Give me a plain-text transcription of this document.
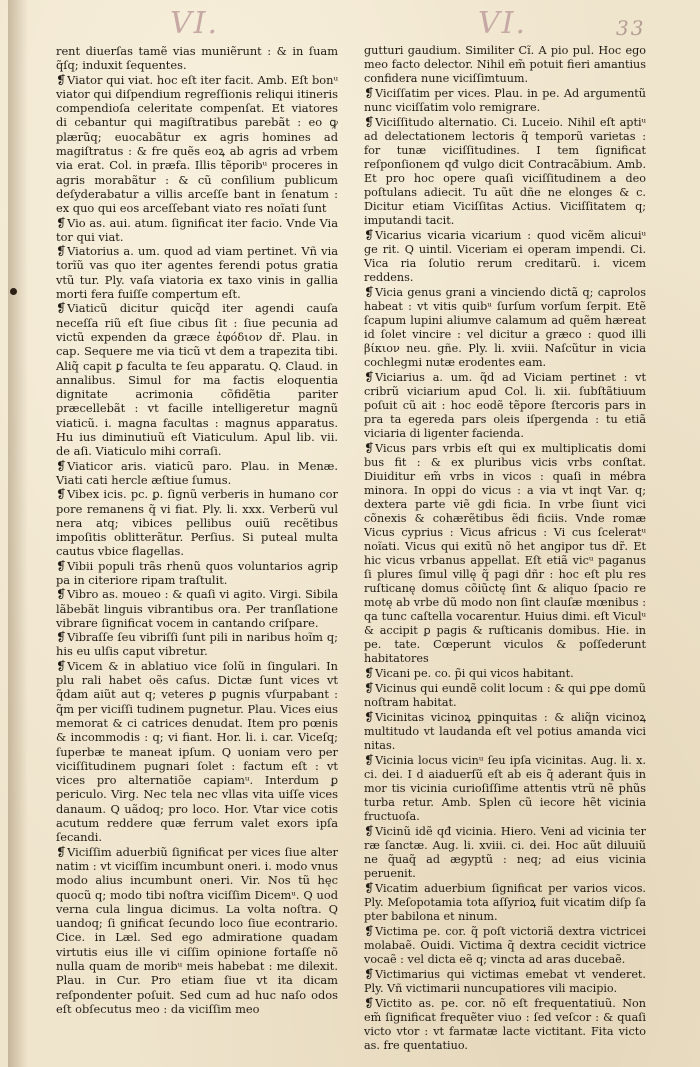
VI.	VI.	33

rent diuerſas tamẽ vias muniẽrunt : & in ſuam q̃ſq; induxit ſequentes.

❡Viator qui viat. hoc eſt iter facit. Amb. Eſt bonᵘ viator qui diſpendium regreſſionis reliqui itineris compendioſa celeritate compenſat. Et viatores di cebantur qui magiſtratibus parebãt : eo ꝙ plærũq; euocabãtur ex agris homines ad magiſtratus : & fre quẽs eoꝝ ab agris ad vrbem via erat. Col. in præfa. Illis tẽporibᵘ proceres in agris morabãtur : & cũ conſilium publicum deſyderabatur a villis arceſſe bant in ſenatum : ex quo qui eos arceſſebant viato res noĩati ſunt

❡Vio as. aui. atum. ſignificat iter facio. Vnde Via tor qui viat.

❡Viatorius a. um. quod ad viam pertinet. Vñ via torĩũ vas quo iter agentes ferendi potus gratia vtũ tur. Ply. vaſa viatoria ex taxo vinis in gallia morti fera fuiſſe compertum eſt.

❡Viaticũ dicitur quicq̃d iter agendi cauſa neceſſa riũ eſt ſiue cibus ſit : ſiue pecunia ad victũ expenden da græce ἐφόδιον dr̃. Plau. in cap. Sequere me via ticũ vt dem a trapezita tibi. Aliq̃ capit ꝑ faculta te ſeu apparatu. Q. Claud. in annalibus. Simul for ma factis eloquentia dignitate acrimonia cõfidẽtia pariter præcellebãt : vt facille intelligeretur magnũ viaticũ. i. magna facultas : magnus apparatus. Hu ius diminutiuũ eſt Viaticulum. Apul lib. vii. de aſi. Viaticulo mihi corraſi.

❡Viaticor aris. viaticũ paro. Plau. in Menæ. Viati cati hercle æſtiue ſumus.

❡Vibex icis. pc. ꝑ. ſignũ verberis in humano cor pore remanens q̃ vi fiat. Ply. li. xxx. Verberũ vul nera atq; vibices pellibus ouiũ recẽtibus impoſitis oblitterãtur. Perſius. Si puteal multa cautus vbice flagellas.

❡Vibii populi trãs rhenũ quos voluntarios agrip pa in citeriore ripam traſtulit.

❡Vibro as. moueo : & quaſi vi agito. Virgi. Sibila lãbebãt linguis vibrantibus ora. Per tranſlatione vibrare ſignificat vocem in cantando criſpare.

❡Vibraſſe ſeu vibriſſi ſunt pili in naribus hoĩm q; his eu ulſis caput vibretur.

❡Vicem & in ablatiuo vice ſolũ in ſingulari. In plu rali habet oẽs caſus. Dictæ ſunt vices vt q̃dam aiũt aut q; veteres ꝑ pugnis vſurpabant : q̃m per viciſſi tudinem pugnetur. Plau. Vices eius memorat & ci catrices denudat. Item pro pœnis & incommodis : q; vi fiant. Hor. li. i. car. Viceſq; ſuperbæ te maneat ipſum. Q uoniam vero per viciſſitudinem pugnari ſolet : factum eſt : vt vices pro alternatiõe capiamᵘ. Interdum ꝑ periculo. Virg. Nec tela nec vllas vita uiſſe vices danaum. Q uãdoq; pro loco. Hor. Vtar vice cotis acutum reddere quæ ferrum valet exors ipſa ſecandi.

❡Viciſſim aduerbiũ ſignificat per vices ſiue alter natim : vt viciſſim incumbunt oneri. i. modo vnus modo alius incumbunt oneri. Vir. Nos tũ hęc quocũ q; modo tibi noſtra viciſſim Dicemᵘ. Q uod verna cula lingua dicimus. La volta noſtra. Q uandoq; ſi gnificat ſecundo loco ſiue econtrario. Cice. in Læl. Sed ego admiratione quadam virtutis eius ille vi ciſſim opinione fortaſſe nõ nulla quam de moribᵘ meis habebat : me dilexit. Plau. in Cur. Pro etiam ſiue vt ita dicam reſpondenter poſuit. Sed cum ad huc naſo odos eſt obſecutus meo : da viciſſim meo

gutturi gaudium. Similiter Cĩ. A pio pul. Hoc ego meo facto delector. Nihil em̃ potuit fieri amantius confidera nune viciſſimtuum.

❡Viciſſatim per vices. Plau. in pe. Ad argumentũ nunc viciſſatim volo remigrare.

❡Viciſſitudo alternatio. Ci. Luceio. Nihil eſt aptiᵘ ad delectationem lectoris q̃ temporũ varietas : for tunæ viciſſitudines. I tem ſignificat reſponſionem qđ vulgo dicit Contracãbium. Amb. Et pro hoc opere quaſi viciſſitudinem a deo poſtulans adiecit. Tu aũt dñe ne elonges & c. Dicitur etiam Viciſſitas Actius. Viciſſitatem q; imputandi tacit.

❡Vicarius vicaria vicarium : quod vicẽm alicuiᵘ ge rit. Q uintil. Viceriam ei operam impendi. Ci. Vica ria ſolutio rerum creditarũ. i. vicem reddens.

❡Vicia genus grani a vinciendo dictã q; caprolos habeat : vt vitis quibᵘ ſurſum vorſum ſerpit. Etẽ ſcapum lupini aliumve calamum ad quẽm hæreat id ſolet vincire : vel dicitur a græco : quod illi βίκιον neu. gñe. Ply. li. xviii. Naſcũtur in vicia cochlegmi nutæ erodentes eam.

❡Viciarius a. um. q̃d ad Viciam pertinet : vt cribrũ viciarium apud Col. li. xii. ſubſtãtiuum poſuit cũ ait : hoc eodẽ tẽpore ſtercoris pars in pra ta egereda pars oleis iſpergenda : tu etiã viciaria di ligenter facienda.

❡Vicus pars vrbis eſt qui ex multiplicatis domi bus fit : & ex pluribus vicis vrbs conſtat. Diuiditur em̃ vrbs in vicos : quaſi in mébra minora. In oppi do vicus : a via vt inqt Var. q; dextera parte viẽ gdi ficia. In vrbe ſiunt vici cõnexis & cohærẽtibus ẽdi ficiis. Vnde romæ Vicus cyprius : Vicus africus : Vi cus ſceleratᵘ noĩati. Vicus qui exitũ nõ het angipor tus dr̃. Et hic vicus vrbanus appellat. Eſt etiã vicᵘ paganus ſi plures ſimul villę q̃ pagi dñr : hoc eſt plu res ruſticanę domus cõiũctę ſint & aliquo ſpacio re motę ab vrbe dũ modo non ſint clauſæ mœnibus : qa tunc caſtella vocarentur. Huius dimi. eſt Viculᵘ & accipit ꝑ pagis & ruſticanis domibus. Hie. in pe. tate. Cœperunt viculos & poſſederunt habitatores

❡Vicani pe. co. p̃i qui vicos habitant.

❡Vicinus qui eundẽ colit locum : & qui ꝑpe domũ noſtram habitat.

❡Vicinitas vicinoꝝ ꝑpinquitas : & aliq̃n vicinoꝝ multitudo vt laudanda eſt vel potius amanda vici nitas.

❡Vicinia locus vicinᵘ ſeu ipſa vicinitas. Aug. li. x. ci. dei. I d aiaduerſũ eſt ab eis q̃ aderant q̃uis in mor tis vicinia curioſiſſime attentis vtrũ nẽ phũs turba retur. Amb. Splen cũ iecore hẽt vicinia fructuoſa.

❡Vicinũ idẽ qđ vicinia. Hiero. Veni ad vicinia ter ræ ſanctæ. Aug. li. xviii. ci. dei. Hoc aũt diluuiũ ne q̃uaq̃ ad ægyptũ : neq; ad eius vicinia peruenit.

❡Vicatim aduerbium ſignificat per varios vicos. Ply. Meſopotamia tota aſſyrioꝝ fuit vicatim diſp ſa pter babilona et ninum.

❡Victima pe. cor. q̃ poſt victoriã dextra victricei molabaẽ. Ouidi. Victima q̃ dextra cecidit victrice vocaẽ : vel dicta eẽ q; vincta ad aras ducebaẽ.

❡Victimarius qui victimas emebat vt venderet. Ply. Vñ victimarii nuncupatiores vili macipio.

❡Victito as. pe. cor. nõ eſt frequentatiuũ. Non em̃ ſignificat frequẽter viuo : ſed veſcor : & quaſi victo vtor : vt farmatæ lacte victitant. Fita victo as. fre quentatiuo.
